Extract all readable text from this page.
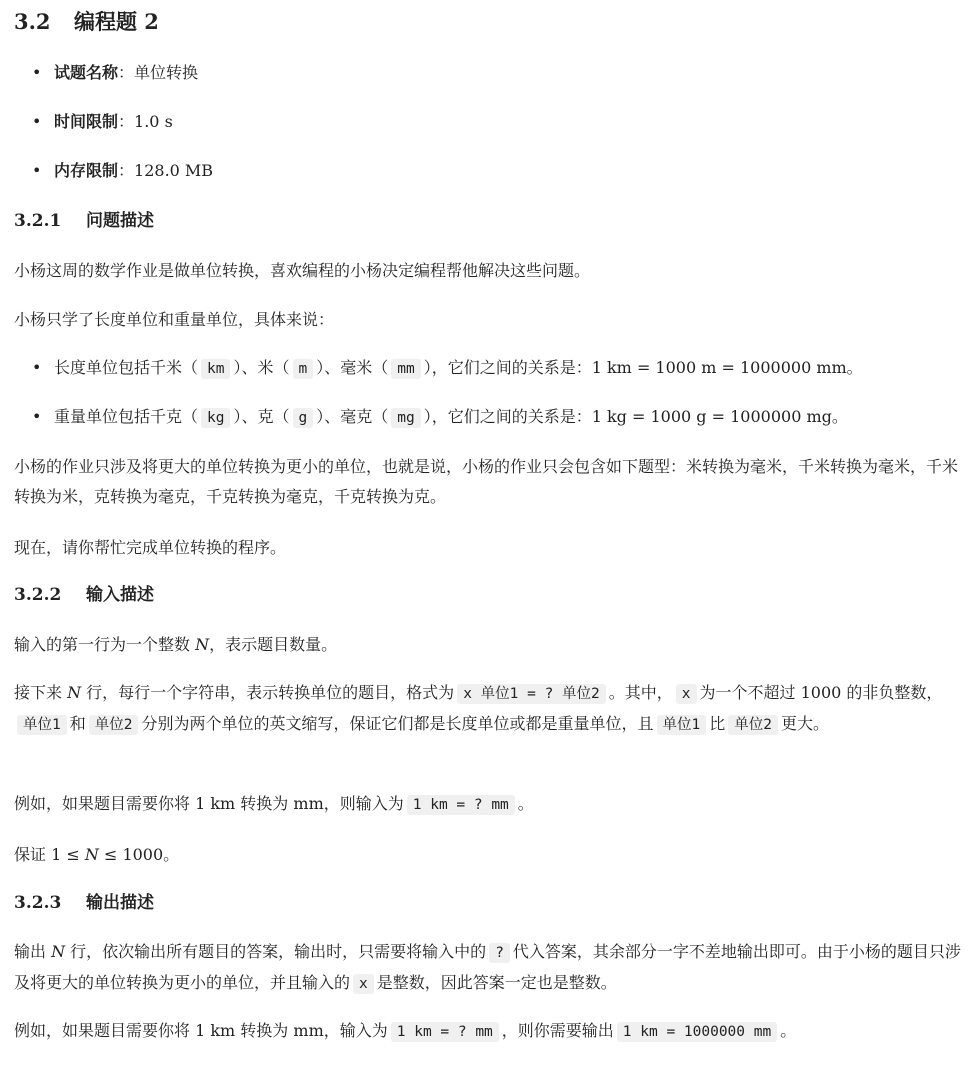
3.2 编程题 2
• 试题名称：单位转换
• 时间限制：1.0 s
• 内存限制：128.0 MB
3.2.1 问题描述
小杨这周的数学作业是做单位转换，喜欢编程的小杨决定编程帮他解决这些问题。
小杨只学了长度单位和重量单位，具体来说：
• 长度单位包括千米（ km ）、米（ m ）、毫米（ mm ），它们之间的关系是：1 km = 1000 m = 1000000 mm。
• 重量单位包括千克（ kg ）、克（ g ）、毫克（ mg ），它们之间的关系是：1 kg = 1000 g = 1000000 mg。
小杨的作业只涉及将更大的单位转换为更小的单位，也就是说，小杨的作业只会包含如下题型：米转换为毫米，千米转换为毫米，千米转换为米，克转换为毫克，千克转换为毫克，千克转换为克。
现在，请你帮忙完成单位转换的程序。
3.2.2 输入描述
输入的第一行为一个整数 N，表示题目数量。
接下来 N 行，每行一个字符串，表示转换单位的题目，格式为 x 单位1 = ? 单位2 。其中， x 为一个不超过 1000 的非负整数，单位1 和 单位2 分别为两个单位的英文缩写，保证它们都是长度单位或都是重量单位，且 单位1 比 单位2 更大。
例如，如果题目需要你将 1 km 转换为 mm，则输入为 1 km = ? mm 。
保证 1 ≤ N ≤ 1000。
3.2.3 输出描述
输出 N 行，依次输出所有题目的答案，输出时，只需要将输入中的 ? 代入答案，其余部分一字不差地输出即可。由于小杨的题目只涉及将更大的单位转换为更小的单位，并且输入的 x 是整数，因此答案一定也是整数。
例如，如果题目需要你将 1 km 转换为 mm，输入为 1 km = ? mm ，则你需要输出 1 km = 1000000 mm 。
